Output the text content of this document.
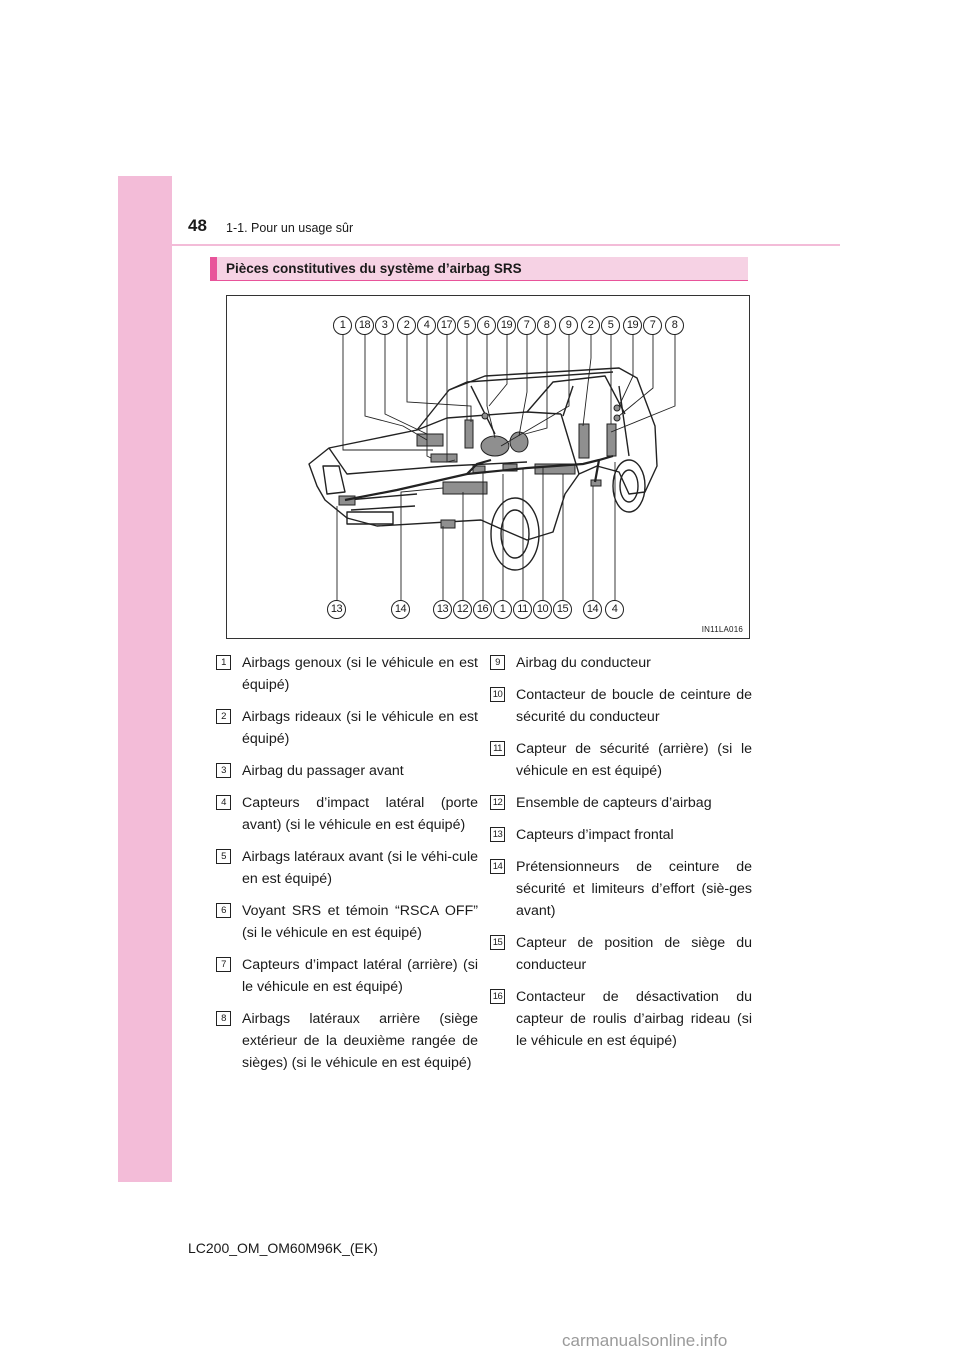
48 1-1. Pour un usage sûr
Pièces constitutives du système d’airbag SRS
1	18	3	2	4	17	5	6	19	7	8	9	2	5	19	7	8
13	14	13 12 16	1	11 10 15	14	4
IN11LA016
1	Airbags genoux (si le véhicule en est équipé)
2	Airbags rideaux (si le véhicule en est équipé)
3	Airbag du passager avant
4	Capteurs d’impact latéral (porte avant) (si le véhicule en est équipé)
5	Airbags latéraux avant (si le véhi-cule en est équipé)
6	Voyant SRS et témoin “RSCA OFF” (si le véhicule en est équipé)
7	Capteurs d’impact latéral (arrière) (si le véhicule en est équipé)
8	Airbags latéraux arrière (siège extérieur de la deuxième rangée de sièges) (si le véhicule en est équipé)
9	Airbag du conducteur
10 Contacteur de boucle de ceinture de sécurité du conducteur
11 Capteur de sécurité (arrière) (si le véhicule en est équipé)
12 Ensemble de capteurs d’airbag
13 Capteurs d’impact frontal
14 Prétensionneurs de ceinture de sécurité et limiteurs d’effort (siè-ges avant)
15 Capteur de position de siège du conducteur
16 Contacteur de désactivation du capteur de roulis d’airbag rideau (si le véhicule en est équipé)
LC200_OM_OM60M96K_(EK)
carmanualsonline.info
